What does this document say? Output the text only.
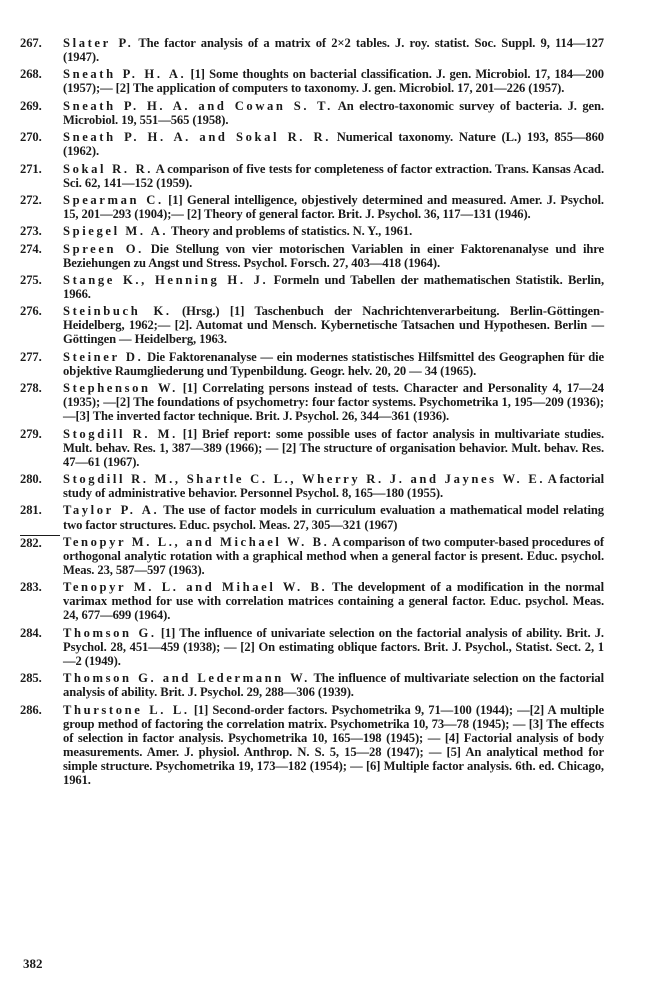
267.	Slater P. The factor analysis of a matrix of 2×2 tables. J. roy. statist. Soc. Suppl. 9, 114—127 (1947).
268.	Sneath P. H. A. [1] Some thoughts on bacterial classification. J. gen. Microbiol. 17, 184—200 (1957);— [2] The application of computers to taxonomy. J. gen. Microbiol. 17, 201—226 (1957).
269.	Sneath P. H. A. and Cowan S. T. An electro-taxonomic survey of bacteria. J. gen. Microbiol. 19, 551—565 (1958).
270.	Sneath P. H. A. and Sokal R. R. Numerical taxonomy. Nature (L.) 193, 855—860 (1962).
271.	Sokal R. R. A comparison of five tests for completeness of factor extraction. Trans. Kansas Acad. Sci. 62, 141—152 (1959).
272.	Spearman C. [1] General intelligence, objestively determined and measured. Amer. J. Psychol. 15, 201—293 (1904);— [2] Theory of general factor. Brit. J. Psychol. 36, 117—131 (1946).
273.	Spiegel M. A. Theory and problems of statistics. N. Y., 1961.
274.	Spreen O. Die Stellung von vier motorischen Variablen in einer Faktorenanalyse und ihre Beziehungen zu Angst und Stress. Psychol. Forsch. 27, 403—418 (1964).
275.	Stange K., Henning H. J. Formeln und Tabellen der mathematischen Statistik. Berlin, 1966.
276.	Steinbuch K. (Hrsg.) [1] Taschenbuch der Nachrichtenverarbeitung. Berlin-Göttingen-Heidelberg, 1962;— [2]. Automat und Mensch. Kybernetische Tatsachen und Hypothesen. Berlin — Göttingen — Heidelberg, 1963.
277.	Steiner D. Die Faktorenanalyse — ein modernes statistisches Hilfsmittel des Geographen für die objektive Raumgliederung und Typenbildung. Geogr. helv. 20, 20 — 34 (1965).
278.	Stephenson W. [1] Correlating persons instead of tests. Character and Personality 4, 17—24 (1935); —[2] The foundations of psychometry: four factor systems. Psychometrika 1, 195—209 (1936); —[3] The inverted factor technique. Brit. J. Psychol. 26, 344—361 (1936).
279.	Stogdill R. M. [1] Brief report: some possible uses of factor analysis in multivariate studies. Mult. behav. Res. 1, 387—389 (1966); — [2] The structure of organisation behavior. Mult. behav. Res. 47—61 (1967).
280.	Stogdill R. M., Shartle C. L., Wherry R. J. and Jaynes W. E. A factorial study of administrative behavior. Personnel Psychol. 8, 165—180 (1955).
281.	Taylor P. A. The use of factor models in curriculum evaluation a mathematical model relating two factor structures. Educ. psychol. Meas. 27, 305—321 (1967)
282.	Tenopyr M. L., and Michael W. B. A comparison of two computer-based procedures of orthogonal analytic rotation with a graphical method when a general factor is present. Educ. psychol. Meas. 23, 587—597 (1963).
283.	Tenopyr M. L. and Mihael W. B. The development of a modification in the normal varimax method for use with correlation matrices containing a general factor. Educ. psychol. Meas. 24, 677—699 (1964).
284.	Thomson G. [1] The influence of univariate selection on the factorial analysis of ability. Brit. J. Psychol. 28, 451—459 (1938); — [2] On estimating oblique factors. Brit. J. Psychol., Statist. Sect. 2, 1—2 (1949).
285.	Thomson G. and Ledermann W. The influence of multivariate selection on the factorial analysis of ability. Brit. J. Psychol. 29, 288—306 (1939).
286.	Thurstone L. L. [1] Second-order factors. Psychometrika 9, 71—100 (1944); —[2] A multiple group method of factoring the correlation matrix. Psychometrika 10, 73—78 (1945); — [3] The effects of selection in factor analysis. Psychometrika 10, 165—198 (1945); — [4] Factorial analysis of body measurements. Amer. J. physiol. Anthrop. N. S. 5, 15—28 (1947); — [5] An analytical method for simple structure. Psychometrika 19, 173—182 (1954); — [6] Multiple factor analysis. 6th. ed. Chicago, 1961.
382
